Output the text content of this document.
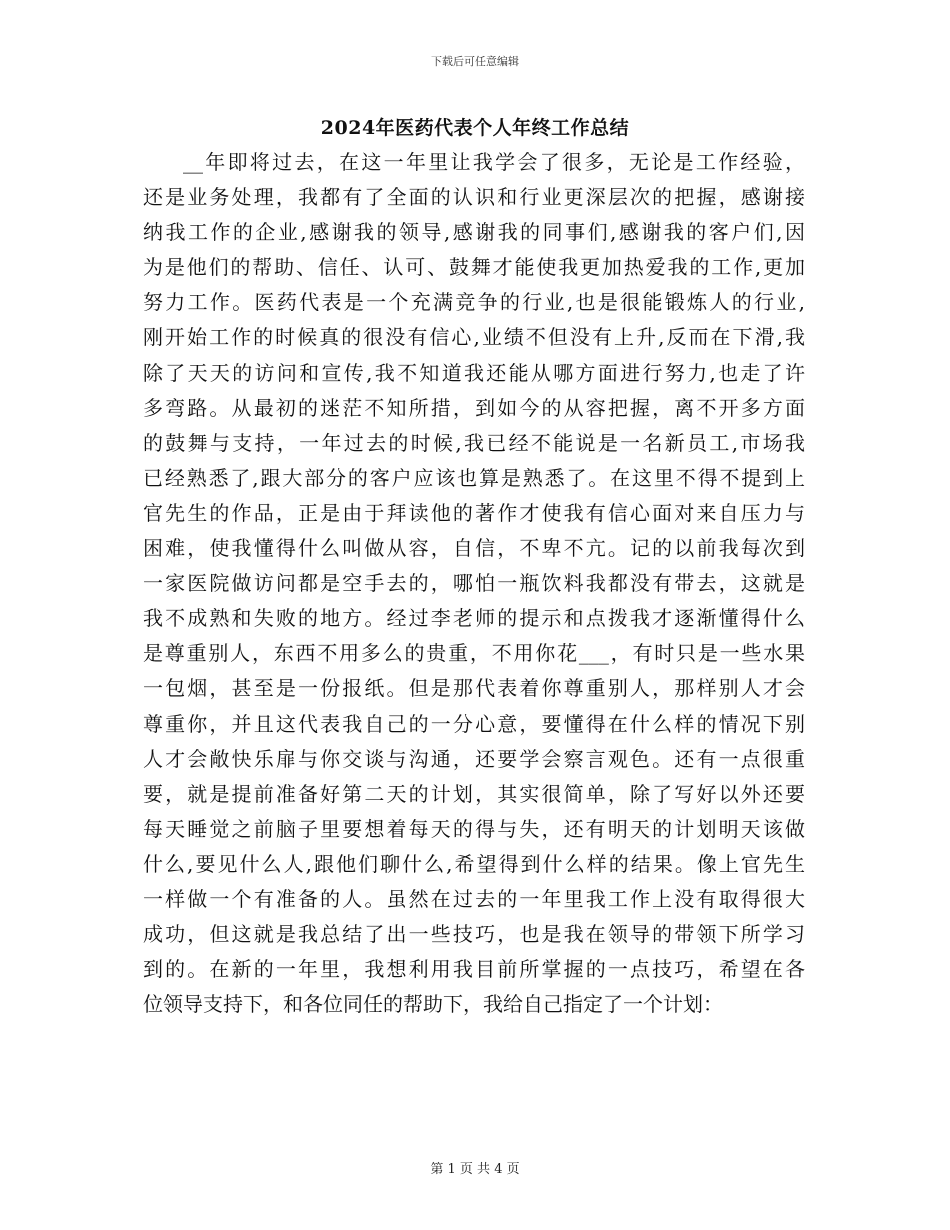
下载后可任意编辑
2024年医药代表个人年终工作总结
__年即将过去，在这一年里让我学会了很多，无论是工作经验，
还是业务处理，我都有了全面的认识和行业更深层次的把握，感谢接
纳我工作的企业,感谢我的领导,感谢我的同事们,感谢我的客户们,因
为是他们的帮助、信任、认可、鼓舞才能使我更加热爱我的工作,更加
努力工作。医药代表是一个充满竞争的行业,也是很能锻炼人的行业,
刚开始工作的时候真的很没有信心,业绩不但没有上升,反而在下滑,我
除了天天的访问和宣传,我不知道我还能从哪方面进行努力,也走了许
多弯路。从最初的迷茫不知所措，到如今的从容把握，离不开多方面
的鼓舞与支持，一年过去的时候,我已经不能说是一名新员工,市场我
已经熟悉了,跟大部分的客户应该也算是熟悉了。在这里不得不提到上
官先生的作品，正是由于拜读他的著作才使我有信心面对来自压力与
困难，使我懂得什么叫做从容，自信，不卑不亢。记的以前我每次到
一家医院做访问都是空手去的，哪怕一瓶饮料我都没有带去，这就是
我不成熟和失败的地方。经过李老师的提示和点拨我才逐渐懂得什么
是尊重别人，东西不用多么的贵重，不用你花___，有时只是一些水果
一包烟，甚至是一份报纸。但是那代表着你尊重别人，那样别人才会
尊重你，并且这代表我自己的一分心意，要懂得在什么样的情况下别
人才会敞快乐扉与你交谈与沟通，还要学会察言观色。还有一点很重
要，就是提前准备好第二天的计划，其实很简单，除了写好以外还要
每天睡觉之前脑子里要想着每天的得与失，还有明天的计划明天该做
什么,要见什么人,跟他们聊什么,希望得到什么样的结果。像上官先生
一样做一个有准备的人。虽然在过去的一年里我工作上没有取得很大
成功，但这就是我总结了出一些技巧，也是我在领导的带领下所学习
到的。在新的一年里，我想利用我目前所掌握的一点技巧，希望在各
位领导支持下，和各位同任的帮助下，我给自己指定了一个计划：
第 1 页 共 4 页
